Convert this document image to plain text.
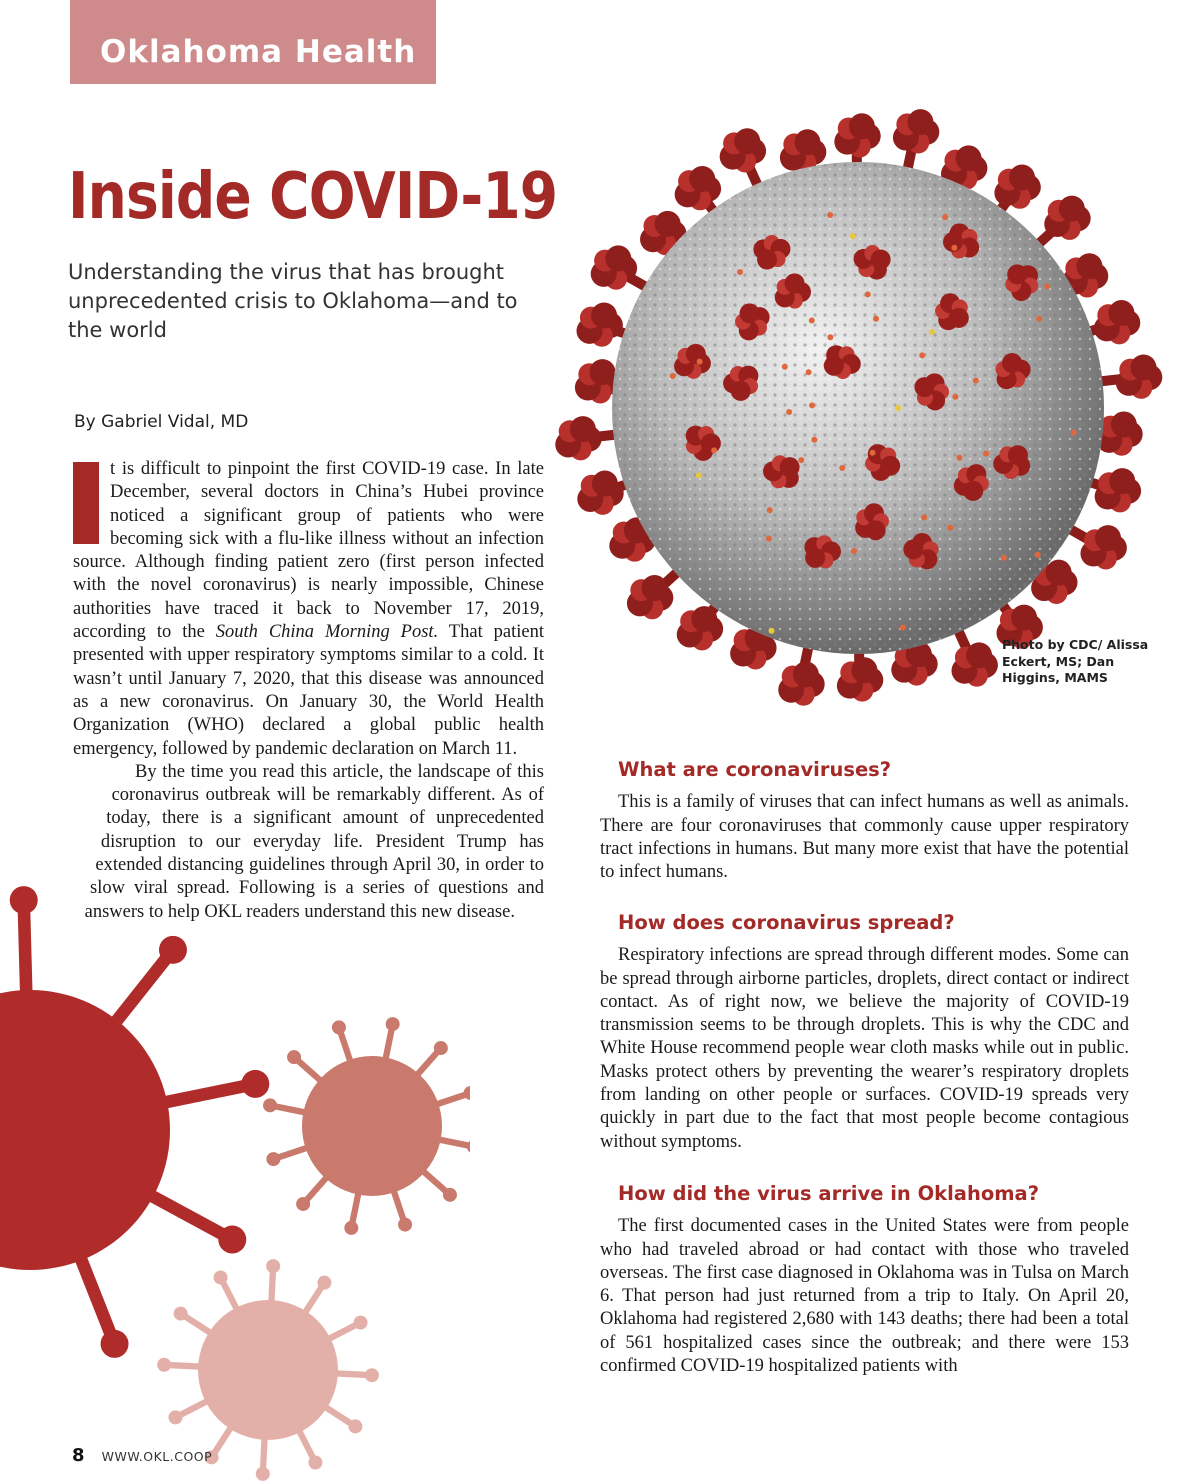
Oklahoma Health
Inside COVID-19
Understanding the virus that has brought unprecedented crisis to Oklahoma—and to the world
By Gabriel Vidal, MD

I	t is difficult to pinpoint the first COVID-19 case. In late December, several doctors in China’s Hubei province noticed a significant group of patients who were becoming sick with a flu-like illness without an infection source. Although finding patient zero (first person infected with the novel coronavirus) is nearly impossible, Chinese authorities have traced it back to November 17, 2019, according to the South China Morning Post. That patient presented with upper respiratory symptoms similar to a cold. It wasn’t until January 7, 2020, that this disease was announced as a new coronavirus. On January 30, the World Health Organization (WHO) declared a global public health emergency, followed by pandemic declaration on March 11.

By the time you read this article, the landscape of this coronavirus outbreak will be remarkably different. As of today, there is a significant amount of unprecedented disruption to our everyday life. President Trump has extended distancing guidelines through April 30, in order to slow viral spread. Following is a series of questions and answers to help OKL readers understand this new disease.

Photo by CDC/ Alissa Eckert, MS; Dan Higgins, MAMS
What are coronaviruses?

This is a family of viruses that can infect humans as well as animals. There are four coronaviruses that commonly cause upper respiratory tract infections in humans. But many more exist that have the potential to infect humans.

How does coronavirus spread?

Respiratory infections are spread through different modes. Some can be spread through airborne particles, droplets, direct contact or indirect contact. As of right now, we believe the majority of COVID-19 transmission seems to be through droplets. This is why the CDC and White House recommend people wear cloth masks while out in public. Masks protect others by preventing the wearer’s respiratory droplets from landing on other people or surfaces. COVID-19 spreads very quickly in part due to the fact that most people become contagious without symptoms.

How did the virus arrive in Oklahoma?

The first documented cases in the United States were from people who had traveled abroad or had contact with those who traveled overseas. The first case diagnosed in Oklahoma was in Tulsa on March 6. That person had just returned from a trip to Italy. On April 20, Oklahoma had registered 2,680 with 143 deaths; there had been a total of 561 hospitalized cases since the outbreak; and there were 153 confirmed COVID-19 hospitalized patients with

8 WWW.OKL.COOP
